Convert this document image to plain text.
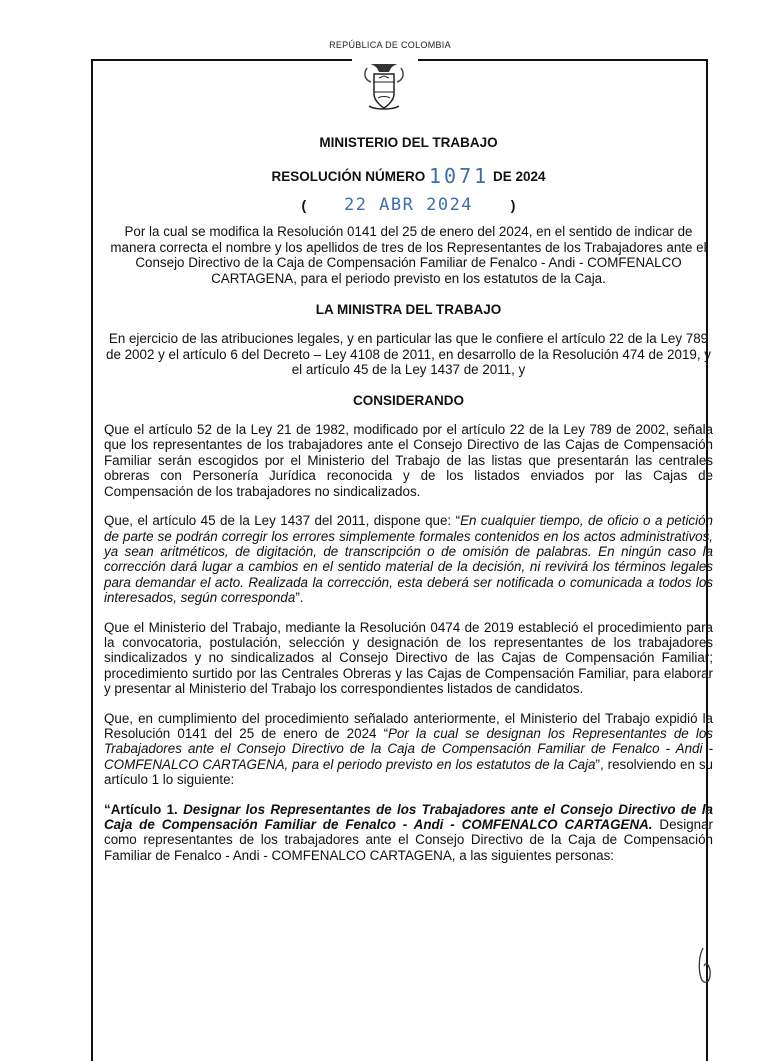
REPÚBLICA DE COLOMBIA

MINISTERIO DEL TRABAJO

RESOLUCIÓN NÚMERO 1071 DE 2024
( 22 ABR 2024	)

Por la cual se modifica la Resolución 0141 del 25 de enero del 2024, en el sentido de indicar de manera correcta el nombre y los apellidos de tres de los Representantes de los Trabajadores ante el Consejo Directivo de la Caja de Compensación Familiar de Fenalco - Andi - COMFENALCO CARTAGENA, para el periodo previsto en los estatutos de la Caja.

LA MINISTRA DEL TRABAJO

En ejercicio de las atribuciones legales, y en particular las que le confiere el artículo 22 de la Ley 789 de 2002 y el artículo 6 del Decreto – Ley 4108 de 2011, en desarrollo de la Resolución 474 de 2019, y el artículo 45 de la Ley 1437 de 2011, y

CONSIDERANDO

Que el artículo 52 de la Ley 21 de 1982, modificado por el artículo 22 de la Ley 789 de 2002, señala que los representantes de los trabajadores ante el Consejo Directivo de las Cajas de Compensación Familiar serán escogidos por el Ministerio del Trabajo de las listas que presentarán las centrales obreras con Personería Jurídica reconocida y de los listados enviados por las Cajas de Compensación de los trabajadores no sindicalizados.

Que, el artículo 45 de la Ley 1437 del 2011, dispone que: “En cualquier tiempo, de oficio o a petición de parte se podrán corregir los errores simplemente formales contenidos en los actos administrativos, ya sean aritméticos, de digitación, de transcripción o de omisión de palabras. En ningún caso la corrección dará lugar a cambios en el sentido material de la decisión, ni revivirá los términos legales para demandar el acto. Realizada la corrección, esta deberá ser notificada o comunicada a todos los interesados, según corresponda”.

Que el Ministerio del Trabajo, mediante la Resolución 0474 de 2019 estableció el procedimiento para la convocatoria, postulación, selección y designación de los representantes de los trabajadores sindicalizados y no sindicalizados al Consejo Directivo de las Cajas de Compensación Familiar; procedimiento surtido por las Centrales Obreras y las Cajas de Compensación Familiar, para elaborar y presentar al Ministerio del Trabajo los correspondientes listados de candidatos.

Que, en cumplimiento del procedimiento señalado anteriormente, el Ministerio del Trabajo expidió la Resolución 0141 del 25 de enero de 2024 “Por la cual se designan los Representantes de los Trabajadores ante el Consejo Directivo de la Caja de Compensación Familiar de Fenalco - Andi - COMFENALCO CARTAGENA, para el periodo previsto en los estatutos de la Caja”, resolviendo en su artículo 1 lo siguiente:

“Artículo 1. Designar los Representantes de los Trabajadores ante el Consejo Directivo de la Caja de Compensación Familiar de Fenalco - Andi - COMFENALCO CARTAGENA. Designar como representantes de los trabajadores ante el Consejo Directivo de la Caja de Compensación Familiar de Fenalco - Andi - COMFENALCO CARTAGENA, a las siguientes personas:
